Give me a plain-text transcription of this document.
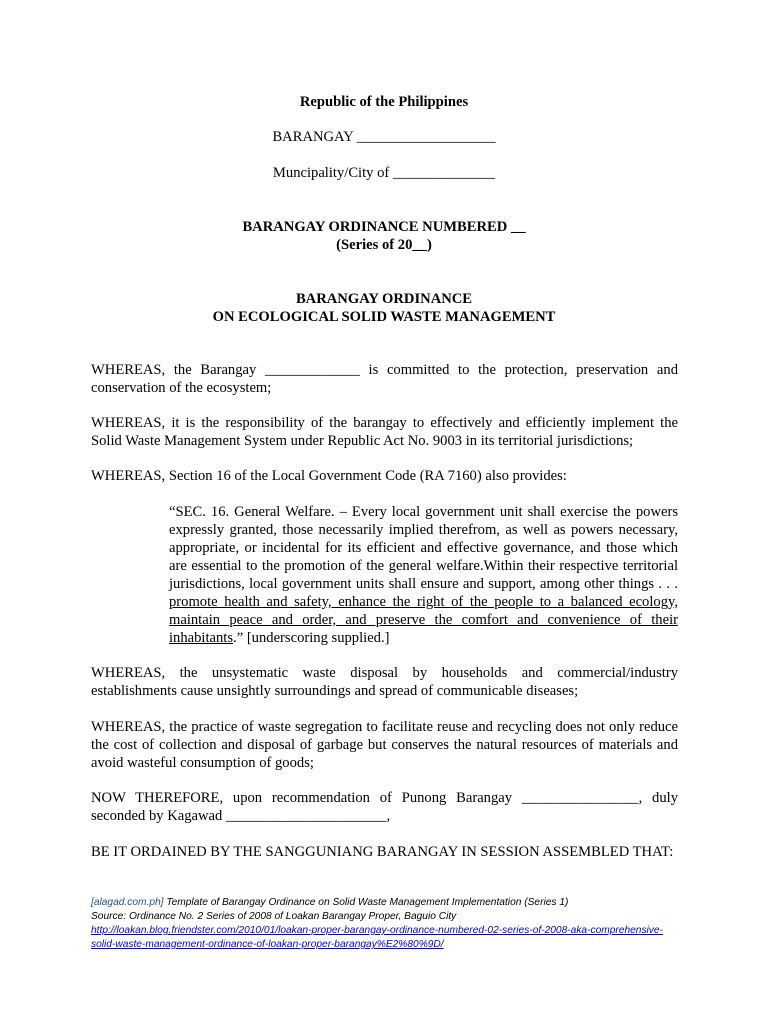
Republic of the Philippines
BARANGAY ___________________
Muncipality/City of ______________
BARANGAY ORDINANCE NUMBERED __
(Series of 20__)
BARANGAY ORDINANCE
ON ECOLOGICAL SOLID WASTE MANAGEMENT
WHEREAS, the Barangay _____________ is committed to the protection, preservation and conservation of the ecosystem;
WHEREAS, it is the responsibility of the barangay to effectively and efficiently implement the Solid Waste Management System under Republic Act No. 9003 in its territorial jurisdictions;
WHEREAS, Section 16 of the Local Government Code (RA 7160) also provides:
“SEC. 16. General Welfare. – Every local government unit shall exercise the powers expressly granted, those necessarily implied therefrom, as well as powers necessary, appropriate, or incidental for its efficient and effective governance, and those which are essential to the promotion of the general welfare.Within their respective territorial jurisdictions, local government units shall ensure and support, among other things . . . promote health and safety, enhance the right of the people to a balanced ecology, maintain peace and order, and preserve the comfort and convenience of their inhabitants.” [underscoring supplied.]
WHEREAS, the unsystematic waste disposal by households and commercial/industry establishments cause unsightly surroundings and spread of communicable diseases;
WHEREAS, the practice of waste segregation to facilitate reuse and recycling does not only reduce the cost of collection and disposal of garbage but conserves the natural resources of materials and avoid wasteful consumption of goods;
NOW THEREFORE, upon recommendation of Punong Barangay ________________, duly seconded by Kagawad ______________________,
BE IT ORDAINED BY THE SANGGUNIANG BARANGAY IN SESSION ASSEMBLED THAT:
[alagad.com.ph] Template of Barangay Ordinance on Solid Waste Management Implementation (Series 1)
Source: Ordinance No. 2 Series of 2008 of Loakan Barangay Proper, Baguio City
http://loakan.blog.friendster.com/2010/01/loakan-proper-barangay-ordinance-numbered-02-series-of-2008-aka-comprehensive-
solid-waste-management-ordinance-of-loakan-proper-barangay%E2%80%9D/
